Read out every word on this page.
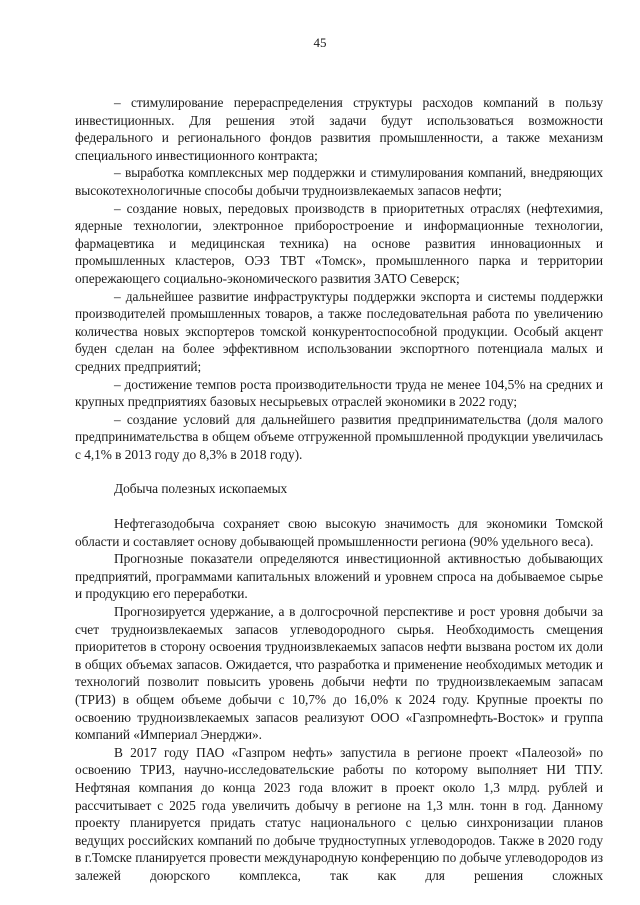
45

– стимулирование перераспределения структуры расходов компаний в пользу инвестиционных. Для решения этой задачи будут использоваться возможности федерального и регионального фондов развития промышленности, а также механизм специального инвестиционного контракта;

– выработка комплексных мер поддержки и стимулирования компаний, внедряющих высокотехнологичные способы добычи трудноизвлекаемых запасов нефти;

– создание новых, передовых производств в приоритетных отраслях (нефтехимия, ядерные технологии, электронное приборостроение и информационные технологии, фармацевтика и медицинская техника) на основе развития инновационных и промышленных кластеров, ОЭЗ ТВТ «Томск», промышленного парка и территории опережающего социально-экономического развития ЗАТО Северск;

– дальнейшее развитие инфраструктуры поддержки экспорта и системы поддержки производителей промышленных товаров, а также последовательная работа по увеличению количества новых экспортеров томской конкурентоспособной продукции. Особый акцент буден сделан на более эффективном использовании экспортного потенциала малых и средних предприятий;

– достижение темпов роста производительности труда не менее 104,5% на средних и крупных предприятиях базовых несырьевых отраслей экономики в 2022 году;

– создание условий для дальнейшего развития предпринимательства (доля малого предпринимательства в общем объеме отгруженной промышленной продукции увеличилась с 4,1% в 2013 году до 8,3% в 2018 году).

Добыча полезных ископаемых

Нефтегазодобыча сохраняет свою высокую значимость для экономики Томской области и составляет основу добывающей промышленности региона (90% удельного веса).

Прогнозные показатели определяются инвестиционной активностью добывающих предприятий, программами капитальных вложений и уровнем спроса на добываемое сырье и продукцию его переработки.

Прогнозируется удержание, а в долгосрочной перспективе и рост уровня добычи за счет трудноизвлекаемых запасов углеводородного сырья. Необходимость смещения приоритетов в сторону освоения трудноизвлекаемых запасов нефти вызвана ростом их доли в общих объемах запасов. Ожидается, что разработка и применение необходимых методик и технологий позволит повысить уровень добычи нефти по трудноизвлекаемым запасам (ТРИЗ) в общем объеме добычи с 10,7% до 16,0% к 2024 году. Крупные проекты по освоению трудноизвлекаемых запасов реализуют ООО «Газпромнефть-Восток» и группа компаний «Империал Энерджи».

В 2017 году ПАО «Газпром нефть» запустила в регионе проект «Палеозой» по освоению ТРИЗ, научно-исследовательские работы по которому выполняет НИ ТПУ. Нефтяная компания до конца 2023 года вложит в проект около 1,3 млрд. рублей и рассчитывает с 2025 года увеличить добычу в регионе на 1,3 млн. тонн в год. Данному проекту планируется придать статус национального с целью синхронизации планов ведущих российских компаний по добыче трудноступных углеводородов. Также в 2020 году в г.Томске планируется провести международную конференцию по добыче углеводородов из залежей доюрского комплекса, так как для решения сложных
